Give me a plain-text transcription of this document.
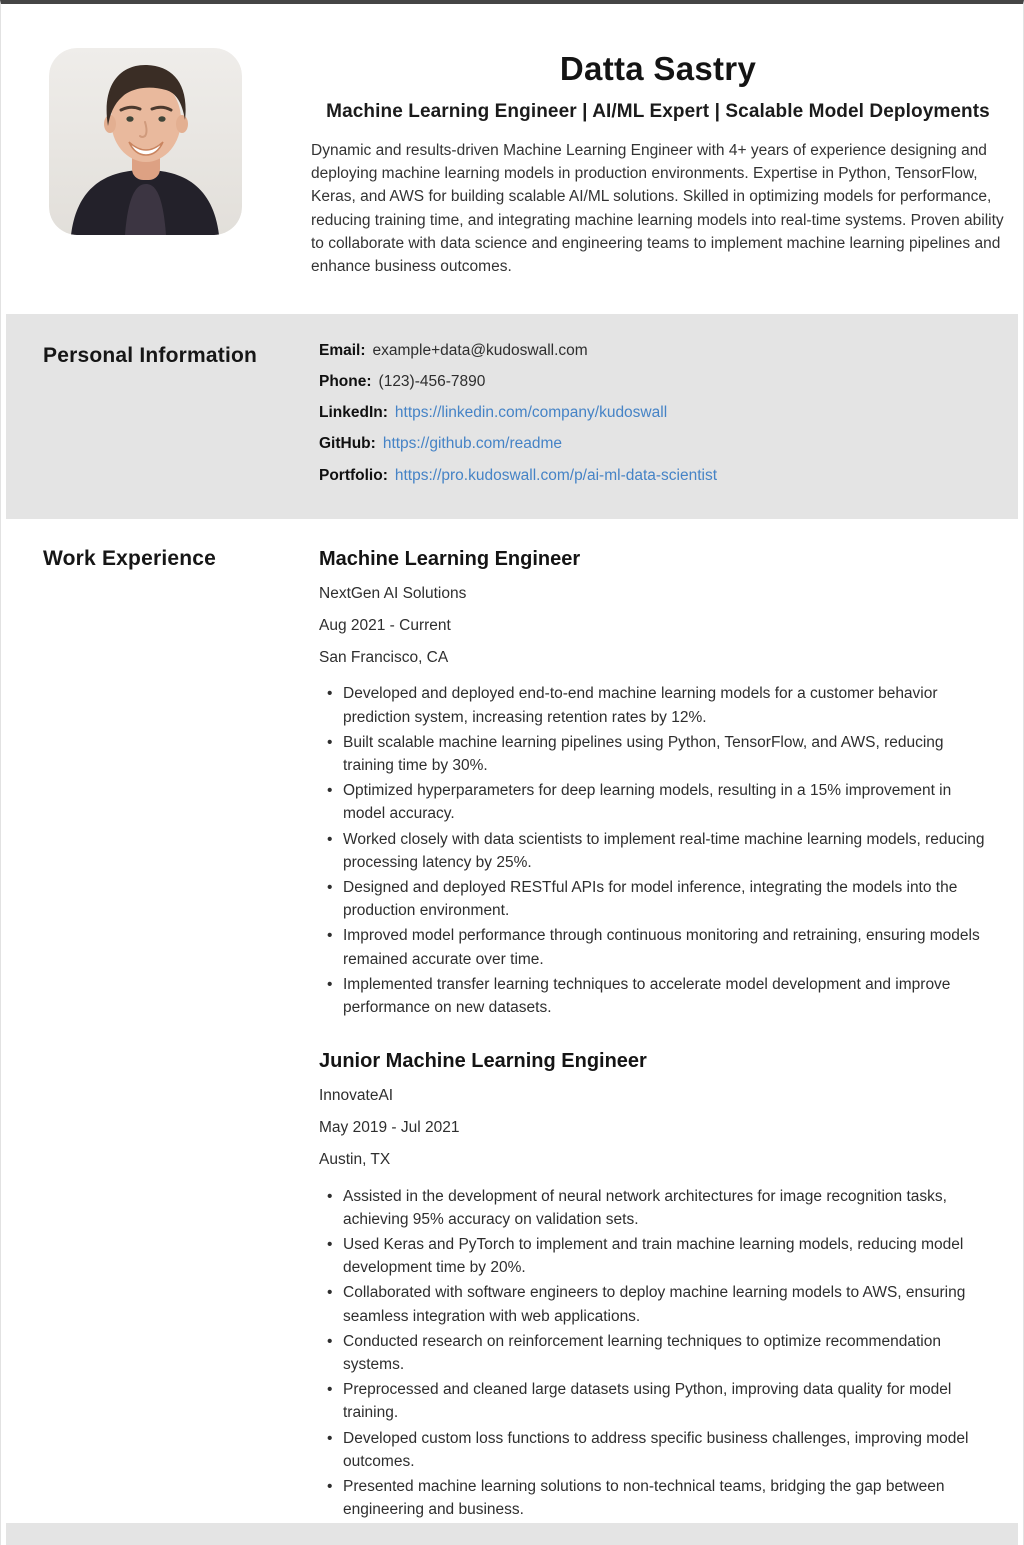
Datta Sastry
Machine Learning Engineer | AI/ML Expert | Scalable Model Deployments
Dynamic and results-driven Machine Learning Engineer with 4+ years of experience designing and deploying machine learning models in production environments. Expertise in Python, TensorFlow, Keras, and AWS for building scalable AI/ML solutions. Skilled in optimizing models for performance, reducing training time, and integrating machine learning models into real-time systems. Proven ability to collaborate with data science and engineering teams to implement machine learning pipelines and enhance business outcomes.
Personal Information	Email: example+data@kudoswall.com
Phone: (123)-456-7890
LinkedIn: https://linkedin.com/company/kudoswall
GitHub: https://github.com/readme
Portfolio: https://pro.kudoswall.com/p/ai-ml-data-scientist
Work Experience	Machine Learning Engineer
NextGen AI Solutions
Aug 2021 - Current
San Francisco, CA
• Developed and deployed end-to-end machine learning models for a customer behavior prediction system, increasing retention rates by 12%.
• Built scalable machine learning pipelines using Python, TensorFlow, and AWS, reducing training time by 30%.
• Optimized hyperparameters for deep learning models, resulting in a 15% improvement in model accuracy.
• Worked closely with data scientists to implement real-time machine learning models, reducing processing latency by 25%.
• Designed and deployed RESTful APIs for model inference, integrating the models into the production environment.
• Improved model performance through continuous monitoring and retraining, ensuring models remained accurate over time.
• Implemented transfer learning techniques to accelerate model development and improve performance on new datasets.
Junior Machine Learning Engineer
InnovateAI
May 2019 - Jul 2021
Austin, TX
• Assisted in the development of neural network architectures for image recognition tasks, achieving 95% accuracy on validation sets.
• Used Keras and PyTorch to implement and train machine learning models, reducing model development time by 20%.
• Collaborated with software engineers to deploy machine learning models to AWS, ensuring seamless integration with web applications.
• Conducted research on reinforcement learning techniques to optimize recommendation systems.
• Preprocessed and cleaned large datasets using Python, improving data quality for model training.
• Developed custom loss functions to address specific business challenges, improving model outcomes.
• Presented machine learning solutions to non-technical teams, bridging the gap between engineering and business.
